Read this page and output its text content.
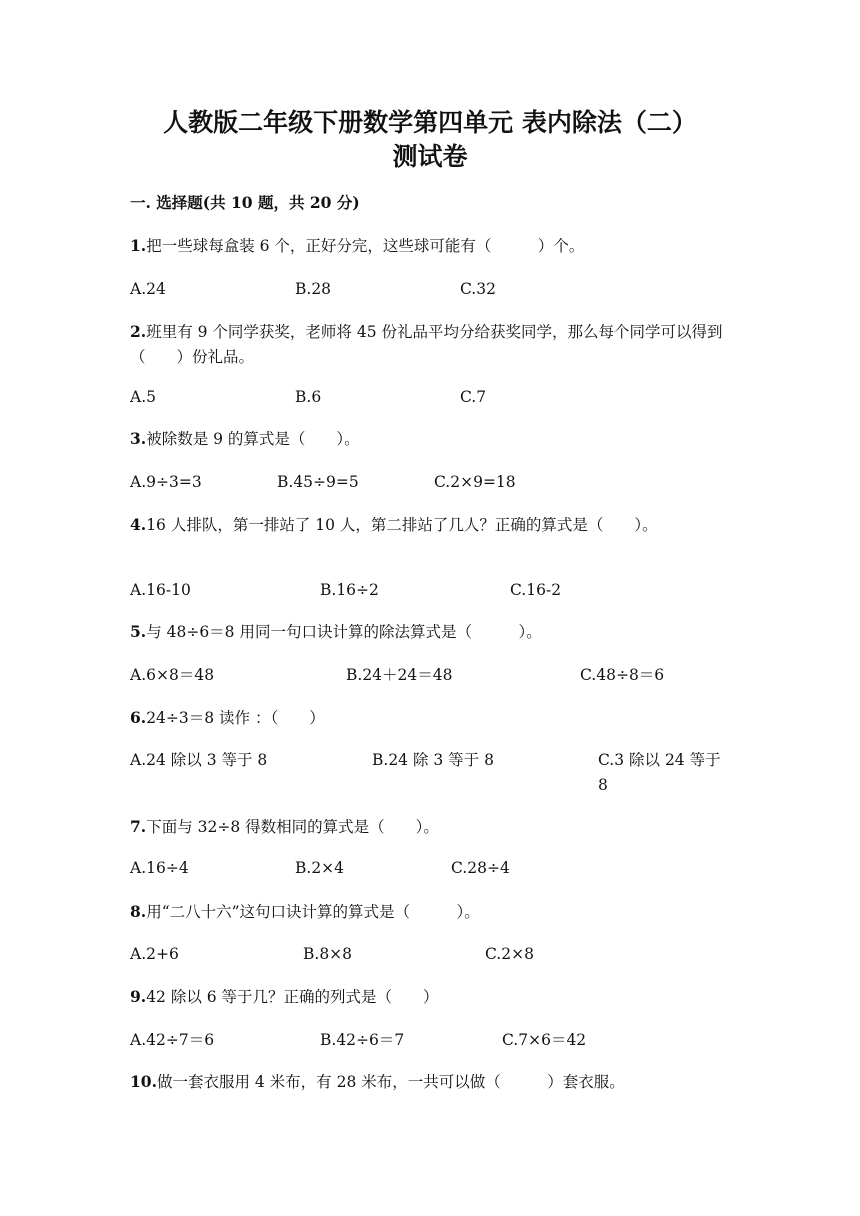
人教版二年级下册数学第四单元 表内除法（二）
测试卷
一. 选择题(共 10 题，共 20 分)
1.把一些球每盒装 6 个，正好分完，这些球可能有（　　　）个。
A.24	B.28	C.32
2.班里有 9 个同学获奖，老师将 45 份礼品平均分给获奖同学，那么每个同学可以得到（　　）份礼品。
A.5	B.6	C.7
3.被除数是 9 的算式是（　　）。
A.9÷3=3	B.45÷9=5	C.2×9=18
4.16 人排队，第一排站了 10 人，第二排站了几人？正确的算式是（　　）。
A.16-10	B.16÷2	C.16-2
5.与 48÷6＝8 用同一句口诀计算的除法算式是（　　　）。
A.6×8＝48	B.24＋24＝48	C.48÷8＝6
6.24÷3＝8 读作 ：（　　）
A.24 除以 3 等于 8	B.24 除 3 等于 8	C.3 除以 24 等于 8
7.下面与 32÷8 得数相同的算式是（　　）。
A.16÷4	B.2×4	C.28÷4
8.用“二八十六”这句口诀计算的算式是（　　　）。
A.2+6	B.8×8	C.2×8
9.42 除以 6 等于几？正确的列式是（　　）
A.42÷7＝6	B.42÷6＝7	C.7×6＝42
10.做一套衣服用 4 米布，有 28 米布，一共可以做（　　　）套衣服。
